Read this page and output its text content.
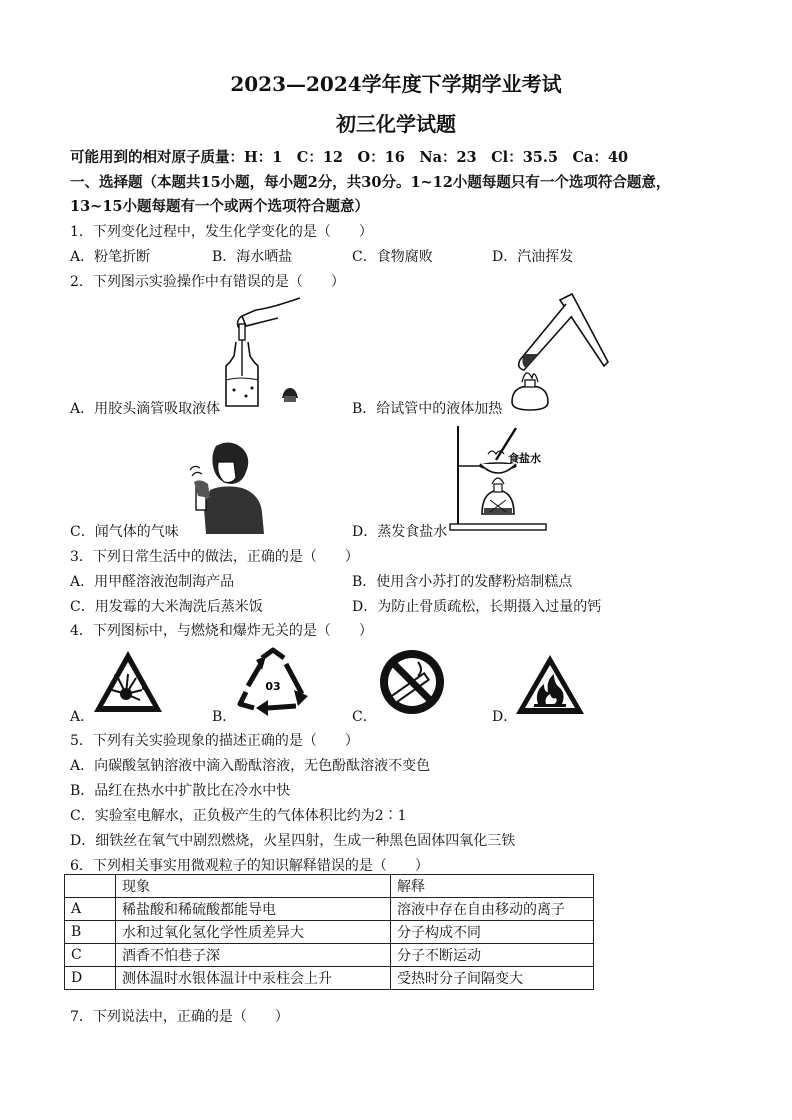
2023—2024学年度下学期学业考试
初三化学试题
可能用到的相对原子质量：H：1　C：12　O：16　Na：23　Cl：35.5　Ca：40
一、选择题（本题共15小题，每小题2分，共30分。1~12小题每题只有一个选项符合题意，
13~15小题每题有一个或两个选项符合题意）
1．下列变化过程中，发生化学变化的是（　　）
A．粉笔折断	B．海水晒盐	C．食物腐败	D．汽油挥发
2．下列图示实验操作中有错误的是（　　）
A．用胶头滴管吸取液体	B．给试管中的液体加热
食盐水
C．闻气体的气味	D．蒸发食盐水
3．下列日常生活中的做法，正确的是（　　）
A．用甲醛溶液泡制海产品	B．使用含小苏打的发酵粉焙制糕点
C．用发霉的大米淘洗后蒸米饭	D．为防止骨质疏松，长期摄入过量的钙
4．下列图标中，与燃烧和爆炸无关的是（　　）
A．	B．	C．	D．
03
5．下列有关实验现象的描述正确的是（　　）
A．向碳酸氢钠溶液中滴入酚酞溶液，无色酚酞溶液不变色
B．品红在热水中扩散比在冷水中快
C．实验室电解水，正负极产生的气体体积比约为2∶1
D．细铁丝在氧气中剧烈燃烧，火星四射，生成一种黑色固体四氧化三铁
6．下列相关事实用微观粒子的知识解释错误的是（　　）
	现象	解释
A	稀盐酸和稀硫酸都能导电	溶液中存在自由移动的离子
B	水和过氧化氢化学性质差异大	分子构成不同
C	酒香不怕巷子深	分子不断运动
D	测体温时水银体温计中汞柱会上升	受热时分子间隔变大
7．下列说法中，正确的是（　　）
